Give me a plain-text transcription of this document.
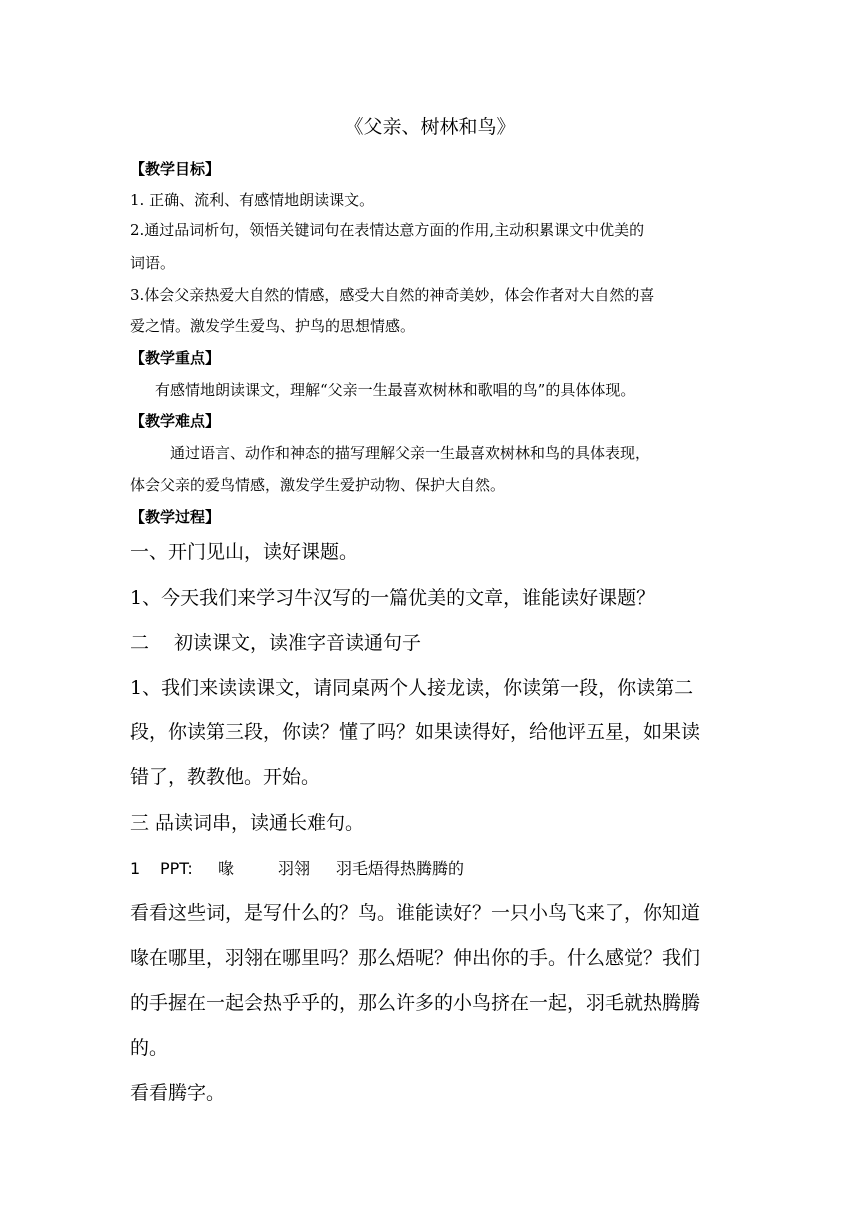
《父亲、树林和鸟》
【教学目标】
1. 正确、流利、有感情地朗读课文。
2.通过品词析句，领悟关键词句在表情达意方面的作用,主动积累课文中优美的
词语。
3.体会父亲热爱大自然的情感，感受大自然的神奇美妙，体会作者对大自然的喜
爱之情。激发学生爱鸟、护鸟的思想情感。
【教学重点】
有感情地朗读课文，理解“父亲一生最喜欢树林和歌唱的鸟”的具体体现。
【教学难点】
通过语言、动作和神态的描写理解父亲一生最喜欢树林和鸟的具体表现，
体会父亲的爱鸟情感，激发学生爱护动物、保护大自然。
【教学过程】
一、开门见山，读好课题。
1、今天我们来学习牛汉写的一篇优美的文章，谁能读好课题？
二　 初读课文，读准字音读通句子
1、我们来读读课文，请同桌两个人接龙读，你读第一段，你读第二
段，你读第三段，你读？懂了吗？如果读得好，给他评五星，如果读
错了，教教他。开始。
三 品读词串，读通长难句。
1 PPT: 喙	羽翎 羽毛焐得热腾腾的
看看这些词，是写什么的？鸟。谁能读好？一只小鸟飞来了，你知道
喙在哪里，羽翎在哪里吗？那么焐呢？伸出你的手。什么感觉？我们
的手握在一起会热乎乎的，那么许多的小鸟挤在一起，羽毛就热腾腾
的。
看看腾字。
